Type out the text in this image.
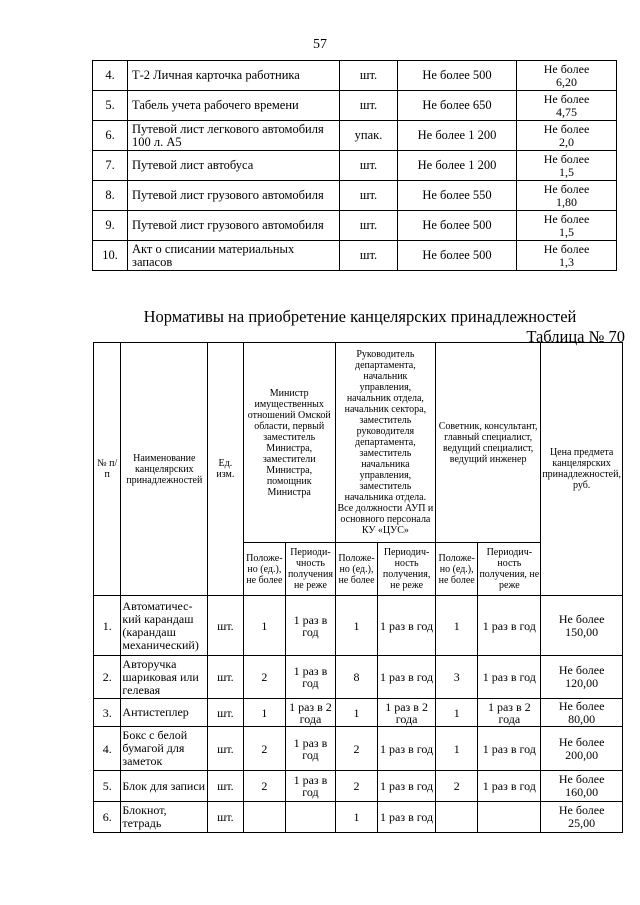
57
4.	Т-2 Личная карточка работника	шт.	Не более 500	Не более
6,20

5.	Табель учета рабочего времени	шт.	Не более 650	Не более
4,75

6.	Путевой лист легкового автомобиля 100 л. А5	упак.	Не более 1 200	Не более
2,0

7.	Путевой лист автобуса	шт.	Не более 1 200	Не более
1,5

8.	Путевой лист грузового автомобиля	шт.	Не более 550	Не более
1,80

9.	Путевой лист грузового автомобиля	шт.	Не более 500	Не более
1,5

10.	Акт о списании материальных запасов	шт.	Не более 500	Не более
1,3
Нормативы на приобретение канцелярских принадлежностей
Таблица № 70
№ п/п	Наименование канцелярских принадлежностей	Ед. изм.	Министр имущественных отношений Омской области, первый заместитель Министра, заместители Министра, помощник Министра		Руководитель департамента, начальник управления, начальник отдела, начальник сектора, заместитель руководителя департамента, заместитель начальника управления, заместитель начальника отдела. Все должности АУП и основного персонала КУ «ЦУС»		Советник, консультант, главный специалист, ведущий специалист, ведущий инженер		Цена предмета канцелярских принадлежностей, руб.
			Положе-но (ед.), не более	Периоди-чность получения не реже	Положе-но (ед.), не более	Периодич-ность получения, не реже	Положе-но (ед.), не более	Периодич-ность получения, не реже	
1.	Автоматичес-кий карандаш (карандаш механический)	шт.	1	1 раз в год	1	1 раз в год	1	1 раз в год	Не более
150,00

2.	Авторучка шариковая или гелевая	шт.	2	1 раз в год	8	1 раз в год	3	1 раз в год	Не более
120,00

3.	Антистеплер	шт.	1	1 раз в 2 года	1	1 раз в 2 года	1	1 раз в 2 года	Не более
80,00

4.	Бокс с белой бумагой для заметок	шт.	2	1 раз в год	2	1 раз в год	1	1 раз в год	Не более
200,00

5.	Блок для записи	шт.	2	1 раз в год	2	1 раз в год	2	1 раз в год	Не более
160,00

6.	Блокнот, тетрадь	шт.			1	1 раз в год			Не более
25,00
